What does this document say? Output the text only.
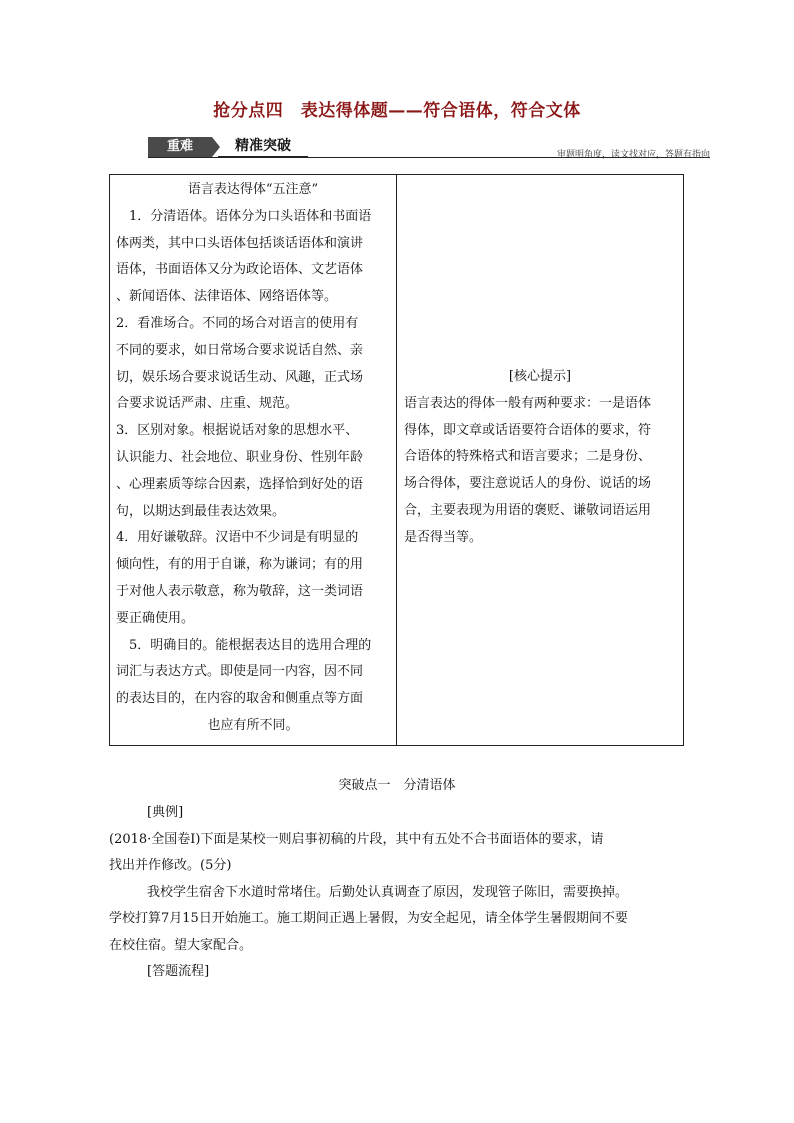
抢分点四　表达得体题——符合语体，符合文体
重难	精准突破
审题明角度，读文找对应，答题有指向
语言表达得体“五注意”
　1．分清语体。语体分为口头语体和书面语
体两类，其中口头语体包括谈话语体和演讲
语体，书面语体又分为政论语体、文艺语体
、新闻语体、法律语体、网络语体等。
2．看准场合。不同的场合对语言的使用有
不同的要求，如日常场合要求说话自然、亲
切，娱乐场合要求说话生动、风趣，正式场
合要求说话严肃、庄重、规范。
3．区别对象。根据说话对象的思想水平、
认识能力、社会地位、职业身份、性别年龄
、心理素质等综合因素，选择恰到好处的语
句，以期达到最佳表达效果。
4．用好谦敬辞。汉语中不少词是有明显的
倾向性，有的用于自谦，称为谦词；有的用
于对他人表示敬意，称为敬辞，这一类词语
要正确使用。
　5．明确目的。能根据表达目的选用合理的
词汇与表达方式。即使是同一内容，因不同
的表达目的，在内容的取舍和侧重点等方面
也应有所不同。
[核心提示]
语言表达的得体一般有两种要求：一是语体
得体，即文章或话语要符合语体的要求，符
合语体的特殊格式和语言要求；二是身份、
场合得体，要注意说话人的身份、说话的场
合，主要表现为用语的褒贬、谦敬词语运用
是否得当等。
突破点一　分清语体
[典例]
(2018·全国卷Ⅰ)下面是某校一则启事初稿的片段，其中有五处不合书面语体的要求，请
找出并作修改。(5分)
我校学生宿舍下水道时常堵住。后勤处认真调查了原因，发现管子陈旧，需要换掉。
学校打算7月15日开始施工。施工期间正遇上暑假，为安全起见，请全体学生暑假期间不要
在校住宿。望大家配合。
[答题流程]
